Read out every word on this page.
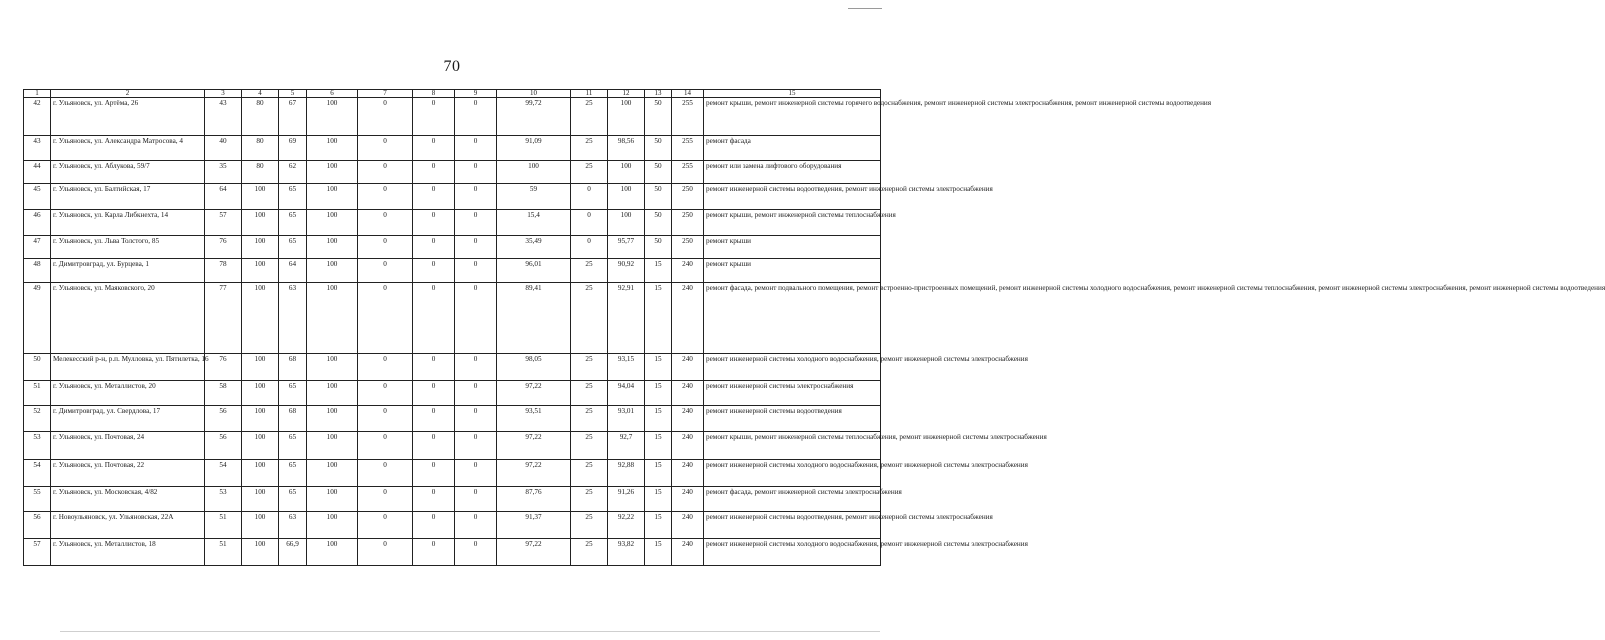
70
1	2	3	4	5	6	7	8	9	10	11	12	13	14	15
42	г. Ульяновск, ул. Артёма, 26	43	80	67	100	0	0	0	99,72	25	100	50	255	ремонт крыши, ремонт инженерной системы горячего водоснабжения, ремонт инженерной системы электроснабжения, ремонт инженерной системы водоотведения
43	г. Ульяновск, ул. Александра Матросова, 4	40	80	69	100	0	0	0	91,09	25	98,56	50	255	ремонт фасада
44	г. Ульяновск, ул. Аблукова, 59/7	35	80	62	100	0	0	0	100	25	100	50	255	ремонт или замена лифтового оборудования
45	г. Ульяновск, ул. Балтийская, 17	64	100	65	100	0	0	0	59	0	100	50	250	ремонт инженерной системы водоотведения, ремонт инженерной системы электроснабжения
46	г. Ульяновск, ул. Карла Либкнехта, 14	57	100	65	100	0	0	0	15,4	0	100	50	250	ремонт крыши, ремонт инженерной системы теплоснабжения
47	г. Ульяновск, ул. Льва Толстого, 85	76	100	65	100	0	0	0	35,49	0	95,77	50	250	ремонт крыши
48	г. Димитровград, ул. Бурцева, 1	78	100	64	100	0	0	0	96,01	25	90,92	15	240	ремонт крыши
49	г. Ульяновск, ул. Маяковского, 20	77	100	63	100	0	0	0	89,41	25	92,91	15	240	ремонт фасада, ремонт подвального помещения, ремонт встроенно-пристроенных помещений, ремонт инженерной системы холодного водоснабжения, ремонт инженерной системы теплоснабжения, ремонт инженерной системы электроснабжения, ремонт инженерной системы водоотведения
50	Мелекесский р-н, р.п. Мулловка, ул. Пятилетка, 16	76	100	68	100	0	0	0	98,05	25	93,15	15	240	ремонт инженерной системы холодного водоснабжения, ремонт инженерной системы электроснабжения
51	г. Ульяновск, ул. Металлистов, 20	58	100	65	100	0	0	0	97,22	25	94,04	15	240	ремонт инженерной системы электроснабжения
52	г. Димитровград, ул. Свердлова, 17	56	100	68	100	0	0	0	93,51	25	93,01	15	240	ремонт инженерной системы водоотведения
53	г. Ульяновск, ул. Почтовая, 24	56	100	65	100	0	0	0	97,22	25	92,7	15	240	ремонт крыши, ремонт инженерной системы теплоснабжения, ремонт инженерной системы электроснабжения
54	г. Ульяновск, ул. Почтовая, 22	54	100	65	100	0	0	0	97,22	25	92,88	15	240	ремонт инженерной системы холодного водоснабжения, ремонт инженерной системы электроснабжения
55	г. Ульяновск, ул. Московская, 4/82	53	100	65	100	0	0	0	87,76	25	91,26	15	240	ремонт фасада, ремонт инженерной системы электроснабжения
56	г. Новоульяновск, ул. Ульяновская, 22А	51	100	63	100	0	0	0	91,37	25	92,22	15	240	ремонт инженерной системы водоотведения, ремонт инженерной системы электроснабжения
57	г. Ульяновск, ул. Металлистов, 18	51	100	66,9	100	0	0	0	97,22	25	93,82	15	240	ремонт инженерной системы холодного водоснабжения, ремонт инженерной системы электроснабжения
